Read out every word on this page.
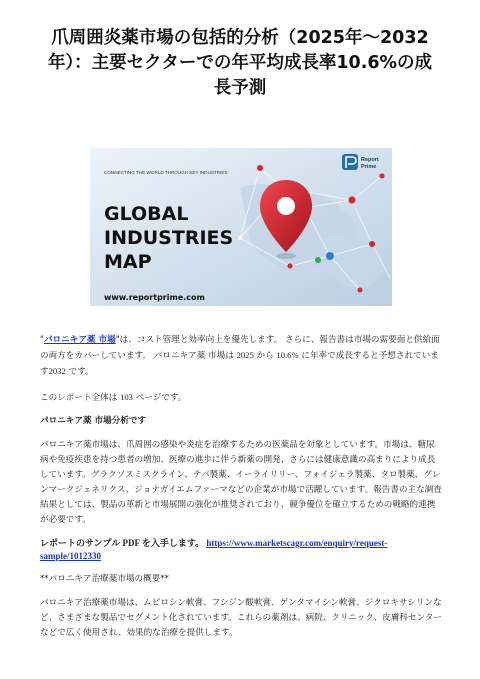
爪周囲炎薬市場の包括的分析（2025年〜2032年）：主要セクターでの年平均成長率10.6%の成長予測
CONNECTING THE WORLD THROUGH KEY INDUSTRIES
GLOBAL
INDUSTRIES
MAP
www.reportprime.com
Report
Prime
"パロニキア薬 市場"は、コスト管理と効率向上を優先します。 さらに、報告書は市場の需要面と供給面の両方をカバーしています。 パロニキア薬 市場は 2025 から 10.6% に年率で成長すると予想されています2032 です。
このレポート全体は 103 ページです。
パロニキア薬 市場分析です
パロニキア薬市場は、爪周囲の感染や炎症を治療するための医薬品を対象としています。市場は、糖尿病や免疫疾患を持つ患者の増加、医療の進歩に伴う新薬の開発、さらには健康意識の高まりにより成長しています。グラクソスミスクライン、テバ製薬、イーライリリー、フォイジェラ製薬、タロ製薬、グレンマークジェネリクス、ジョナガイエムファーマなどの企業が市場で活躍しています。報告書の主な調査結果としては、製品の革新と市場展開の強化が推奨されており、競争優位を確立するための戦略的連携が必要です。
レポートのサンプル PDF を入手します。 https://www.marketscagr.com/enquiry/request-sample/1012330
**パロニキア治療薬市場の概要**
パロニキア治療薬市場は、ムピロシン軟膏、フシジン酸軟膏、ゲンタマイシン軟膏、ジクロキサシリンなど、さまざまな製品でセグメント化されています。これらの薬剤は、病院、クリニック、皮膚科センターなどで広く使用され、効果的な治療を提供します。
